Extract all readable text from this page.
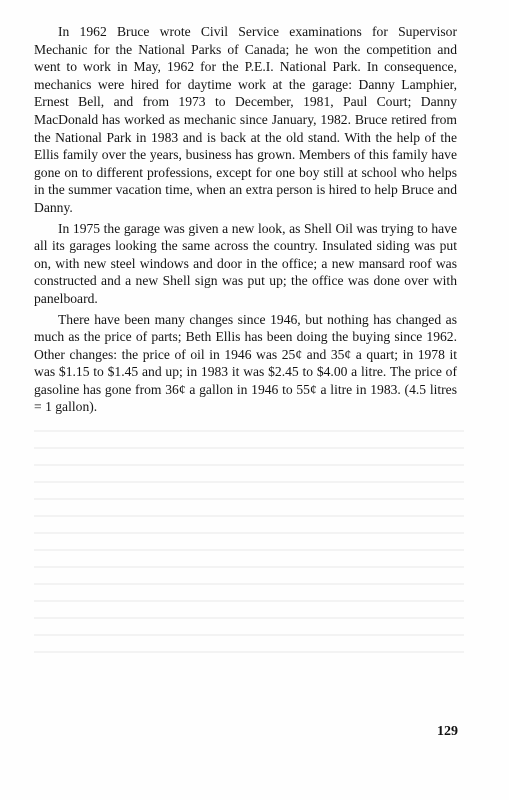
In 1962 Bruce wrote Civil Service examinations for Supervisor Mechanic for the National Parks of Canada; he won the competition and went to work in May, 1962 for the P.E.I. National Park. In consequence, mechanics were hired for daytime work at the garage: Danny Lamphier, Ernest Bell, and from 1973 to December, 1981, Paul Court; Danny MacDonald has worked as mechanic since January, 1982. Bruce retired from the National Park in 1983 and is back at the old stand. With the help of the Ellis family over the years, business has grown. Members of this family have gone on to different professions, except for one boy still at school who helps in the summer vacation time, when an extra person is hired to help Bruce and Danny.

In 1975 the garage was given a new look, as Shell Oil was trying to have all its garages looking the same across the country. Insulated siding was put on, with new steel windows and door in the office; a new mansard roof was constructed and a new Shell sign was put up; the office was done over with panelboard.

There have been many changes since 1946, but nothing has changed as much as the price of parts; Beth Ellis has been doing the buying since 1962. Other changes: the price of oil in 1946 was 25¢ and 35¢ a quart; in 1978 it was $1.15 to $1.45 and up; in 1983 it was $2.45 to $4.00 a litre. The price of gasoline has gone from 36¢ a gallon in 1946 to 55¢ a litre in 1983. (4.5 litres = 1 gallon).

129
